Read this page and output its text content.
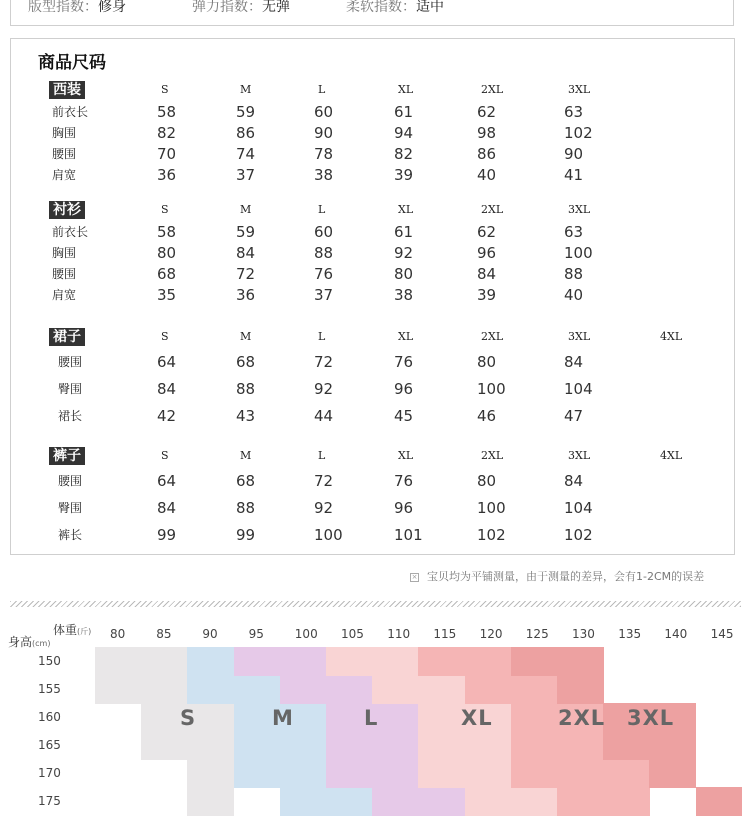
版型指数：修身	弹力指数：无弹	柔软指数：适中
商品尺码
西装	S	M	L	XL	2XL	3XL
前衣长	58	59	60	61	62	63
胸围	82	86	90	94	98	102
腰围	70	74	78	82	86	90
肩宽	36	37	38	39	40	41
衬衫	S	M	L	XL	2XL	3XL
前衣长	58	59	60	61	62	63
胸围	80	84	88	92	96	100
腰围	68	72	76	80	84	88
肩宽	35	36	37	38	39	40
裙子	S	M	L	XL	2XL	3XL	4XL
腰围	64	68	72	76	80	84
臀围	84	88	92	96	100	104
裙长	42	43	44	45	46	47
裤子	S	M	L	XL	2XL	3XL	4XL
腰围	64	68	72	76	80	84
臀围	84	88	92	96	100	104
裤长	99	99	100	101	102	102
× 宝贝均为平铺测量，由于测量的差异，会有1-2CM的误差
体重(斤)
身高(cm)
80	85	90	95	100 105 110 115 120 125 130 135 140 145
150
155
160
165
170
175
S	M	L	XL	2XL 3XL
